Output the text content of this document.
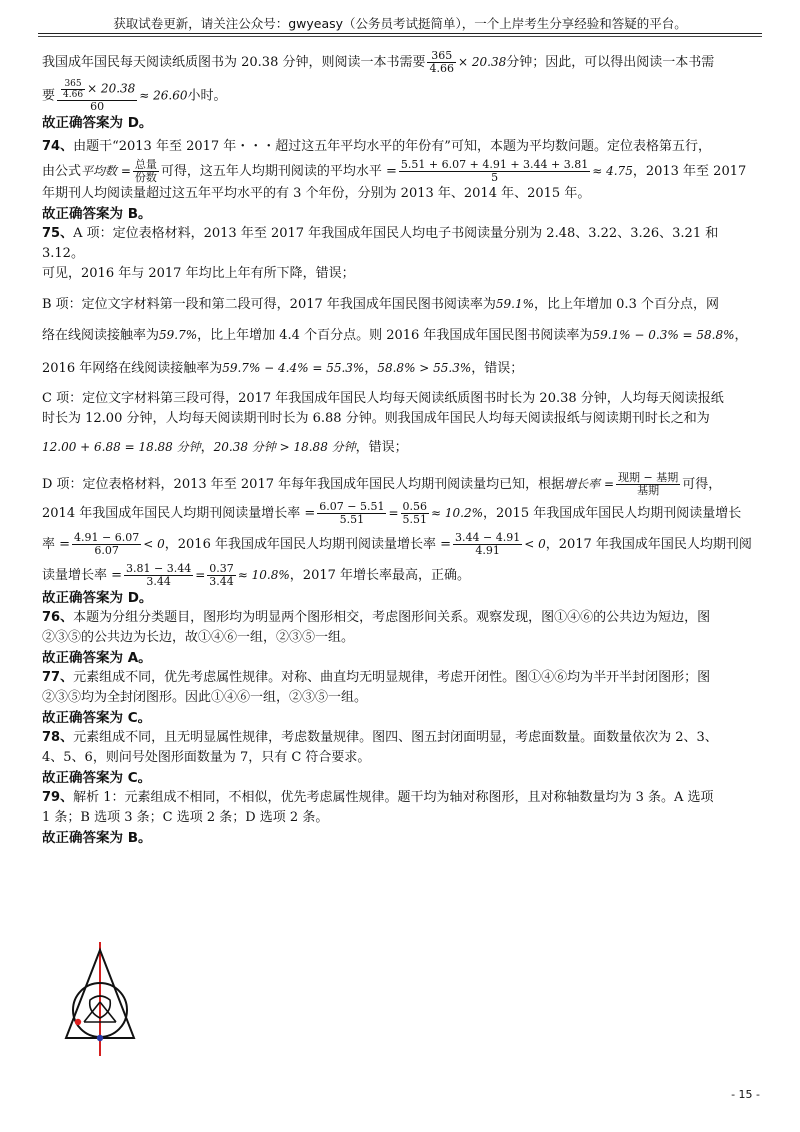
获取试卷更新，请关注公众号：gwyeasy（公务员考试挺简单），一个上岸考生分享经验和答疑的平台。

我国成年国民每天阅读纸质图书为 20.38 分钟，则阅读一本书需要 $\frac{365}{4.66} \times 20.38$分钟；因此，可以得出阅读一本书需

要 $\frac{\frac{365}{4.66} \times 20.38}{60} \approx 26.60$小时。

故正确答案为 D。

74、由题干“2013 年至 2017 年・・・超过这五年平均水平的年份有”可知，本题为平均数问题。定位表格第五行，

由公式平均数 = 总量
份数 可得，这五年人均期刊阅读的平均水平 = $\frac{5.51 + 6.07 + 4.91 + 3.44 + 3.81}{5} \approx 4.75$，2013 年至 2017

年期刊人均阅读量超过这五年平均水平的有 3 个年份，分别为 2013 年、2014 年、2015 年。

故正确答案为 B。

75、A 项：定位表格材料，2013 年至 2017 年我国成年国民人均电子书阅读量分别为 2.48、3.22、3.26、3.21 和 3.12。

可见，2016 年与 2017 年均比上年有所下降，错误；

B 项：定位文字材料第一段和第二段可得，2017 年我国成年国民图书阅读率为59.1%，比上年增加 0.3 个百分点，网

络在线阅读接触率为59.7%，比上年增加 4.4 个百分点。则 2016 年我国成年国民图书阅读率为59.1% − 0.3% = 58.8%，

2016 年网络在线阅读接触率为59.7% − 4.4% = 55.3%，58.8% > 55.3%，错误；

C 项：定位文字材料第三段可得，2017 年我国成年国民人均每天阅读纸质图书时长为 20.38 分钟，人均每天阅读报纸

时长为 12.00 分钟，人均每天阅读期刊时长为 6.88 分钟。则我国成年国民人均每天阅读报纸与阅读期刊时长之和为

12.00 + 6.88 = 18.88 分钟，20.38 分钟 > 18.88 分钟，错误；

D 项：定位表格材料，2013 年至 2017 年每年我国成年国民人均期刊阅读量均已知，根据增长率 = 现期 − 基期
基期	可得，

2014 年我国成年国民人均期刊阅读量增长率 = $\frac{6.07 - 5.51}{5.51} = \frac{0.56}{5.51} \approx 10.2\%$，2015 年我国成年国民人均期刊阅读量增长

率 = $\frac{4.91 - 6.07}{6.07} < 0$，2016 年我国成年国民人均期刊阅读量增长率 = $\frac{3.44 - 4.91}{4.91} < 0$，2017 年我国成年国民人均期刊阅

读量增长率 = $\frac{3.81 - 3.44}{3.44} = \frac{0.37}{3.44} \approx 10.8\%$，2017 年增长率最高，正确。

故正确答案为 D。

76、本题为分组分类题目，图形均为明显两个图形相交，考虑图形间关系。观察发现，图①④⑥的公共边为短边，图

②③⑤的公共边为长边，故①④⑥一组，②③⑤一组。

故正确答案为 A。

77、元素组成不同，优先考虑属性规律。对称、曲直均无明显规律，考虑开闭性。图①④⑥均为半开半封闭图形；图

②③⑤均为全封闭图形。因此①④⑥一组，②③⑤一组。

故正确答案为 C。

78、元素组成不同，且无明显属性规律，考虑数量规律。图四、图五封闭面明显，考虑面数量。面数量依次为 2、3、

4、5、6，则问号处图形面数量为 7，只有 C 符合要求。

故正确答案为 C。

79、解析 1：元素组成不相同，不相似，优先考虑属性规律。题干均为轴对称图形，且对称轴数量均为 3 条。A 选项

1 条；B 选项 3 条；C 选项 2 条；D 选项 2 条。

故正确答案为 B。

- 15 -
